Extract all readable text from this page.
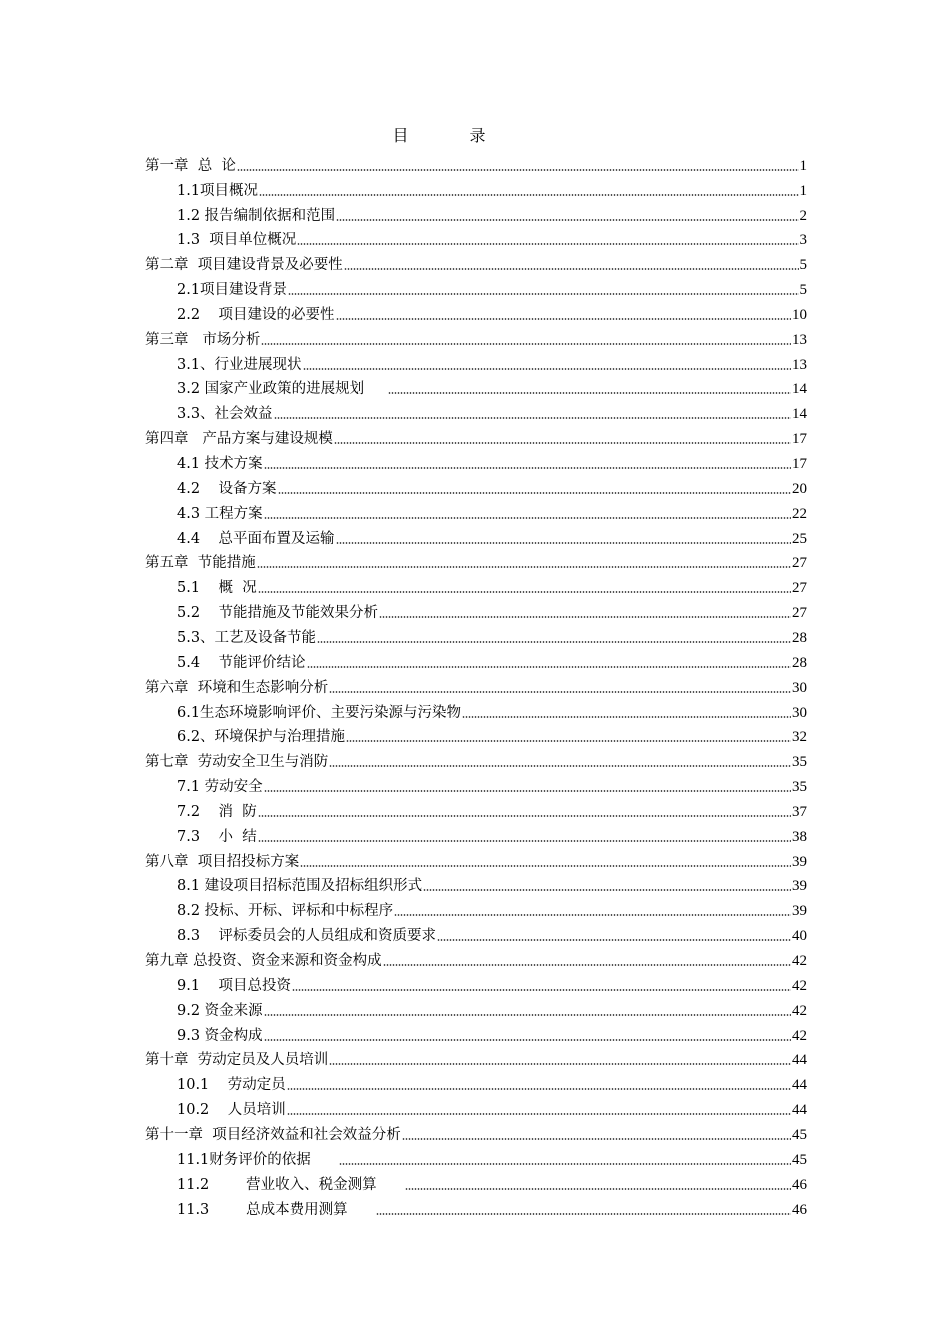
目 录
第一章  总  论	1
1.1项目概况	1
1.2 报告编制依据和范围	2
1.3  项目单位概况	3
第二章  项目建设背景及必要性	5
2.1项目建设背景	5
2.2    项目建设的必要性	10
第三章   市场分析	13
3.1、行业进展现状	13
3.2 国家产业政策的进展规划	14
3.3、社会效益	14
第四章   产品方案与建设规模	17
4.1 技术方案	17
4.2    设备方案	20
4.3 工程方案	22
4.4    总平面布置及运输	25
第五章  节能措施	27
5.1    概  况	27
5.2    节能措施及节能效果分析	27
5.3、工艺及设备节能	28
5.4    节能评价结论	28
第六章  环境和生态影响分析	30
6.1生态环境影响评价、主要污染源与污染物	30
6.2、环境保护与治理措施	32
第七章  劳动安全卫生与消防	35
7.1 劳动安全	35
7.2    消  防	37
7.3    小  结	38
第八章  项目招投标方案	39
8.1 建设项目招标范围及招标组织形式	39
8.2 投标、开标、评标和中标程序	39
8.3    评标委员会的人员组成和资质要求	40
第九章 总投资、资金来源和资金构成	42
9.1    项目总投资	42
9.2 资金来源	42
9.3 资金构成	42
第十章  劳动定员及人员培训	44
10.1    劳动定员	44
10.2    人员培训	44
第十一章  项目经济效益和社会效益分析	45
11.1财务评价的依据	45
11.2        营业收入、税金测算	46
11.3        总成本费用测算	46
